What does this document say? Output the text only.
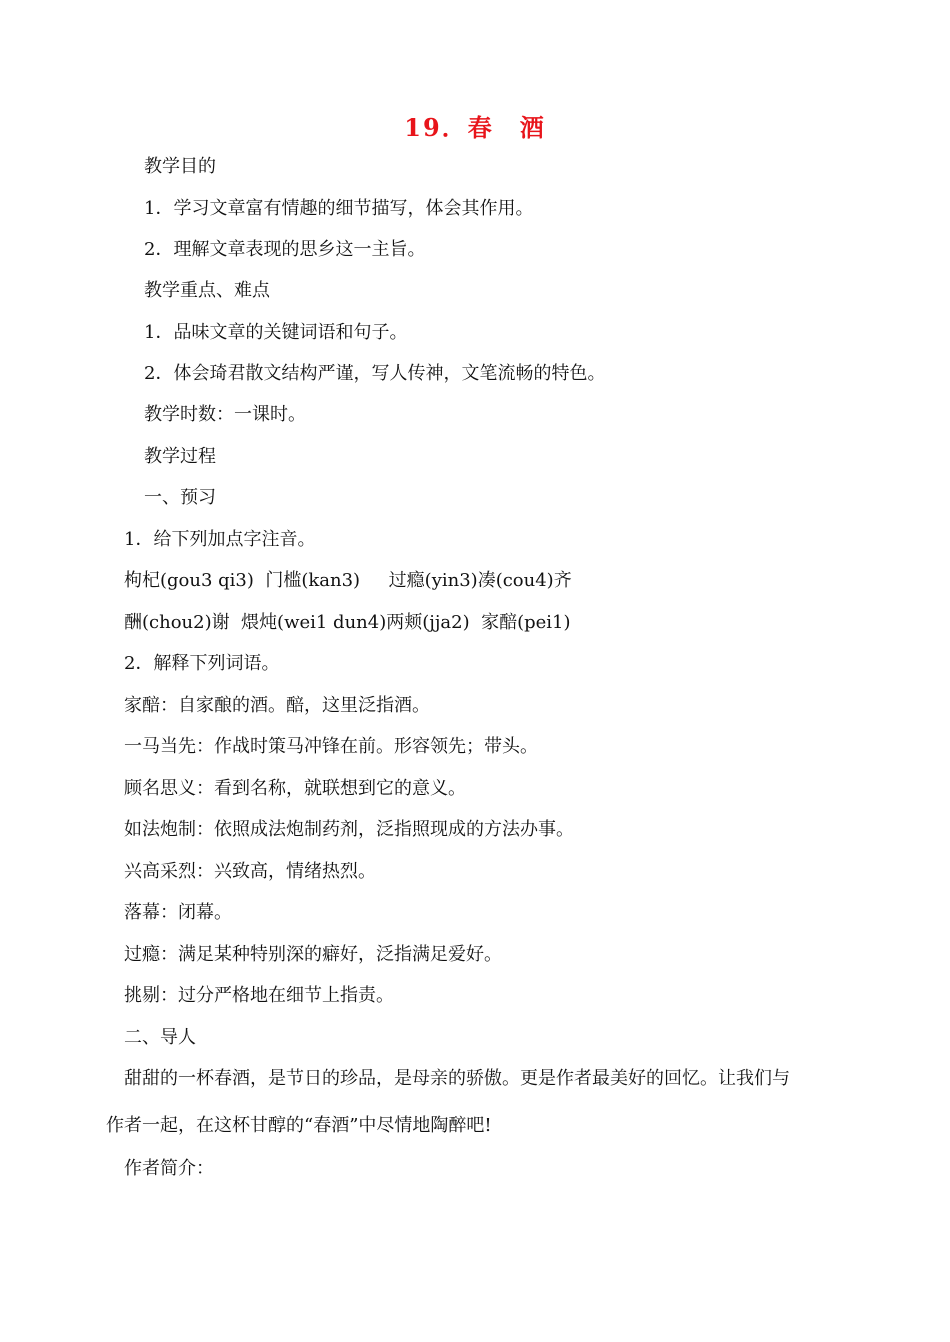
19．春　酒
教学目的
1．学习文章富有情趣的细节描写，体会其作用。
2．理解文章表现的思乡这一主旨。
教学重点、难点
1．品味文章的关键词语和句子。
2．体会琦君散文结构严谨，写人传神，文笔流畅的特色。
教学时数：一课时。
教学过程
一、预习
1．给下列加点字注音。
枸杞(gou3 qi3)  门槛(kan3)     过瘾(yin3)凑(cou4)齐
酬(chou2)谢  煨炖(wei1 dun4)两颊(jja2)  家醅(pei1)
2．解释下列词语。
家醅：自家酿的酒。醅，这里泛指酒。
一马当先：作战时策马冲锋在前。形容领先；带头。
顾名思义：看到名称，就联想到它的意义。
如法炮制：依照成法炮制药剂，泛指照现成的方法办事。
兴高采烈：兴致高，情绪热烈。
落幕：闭幕。
过瘾：满足某种特别深的癖好，泛指满足爱好。
挑剔：过分严格地在细节上指责。
二、导人
甜甜的一杯春酒，是节日的珍品，是母亲的骄傲。更是作者最美好的回忆。让我们与
作者一起，在这杯甘醇的“春酒”中尽情地陶醉吧!
作者简介：
